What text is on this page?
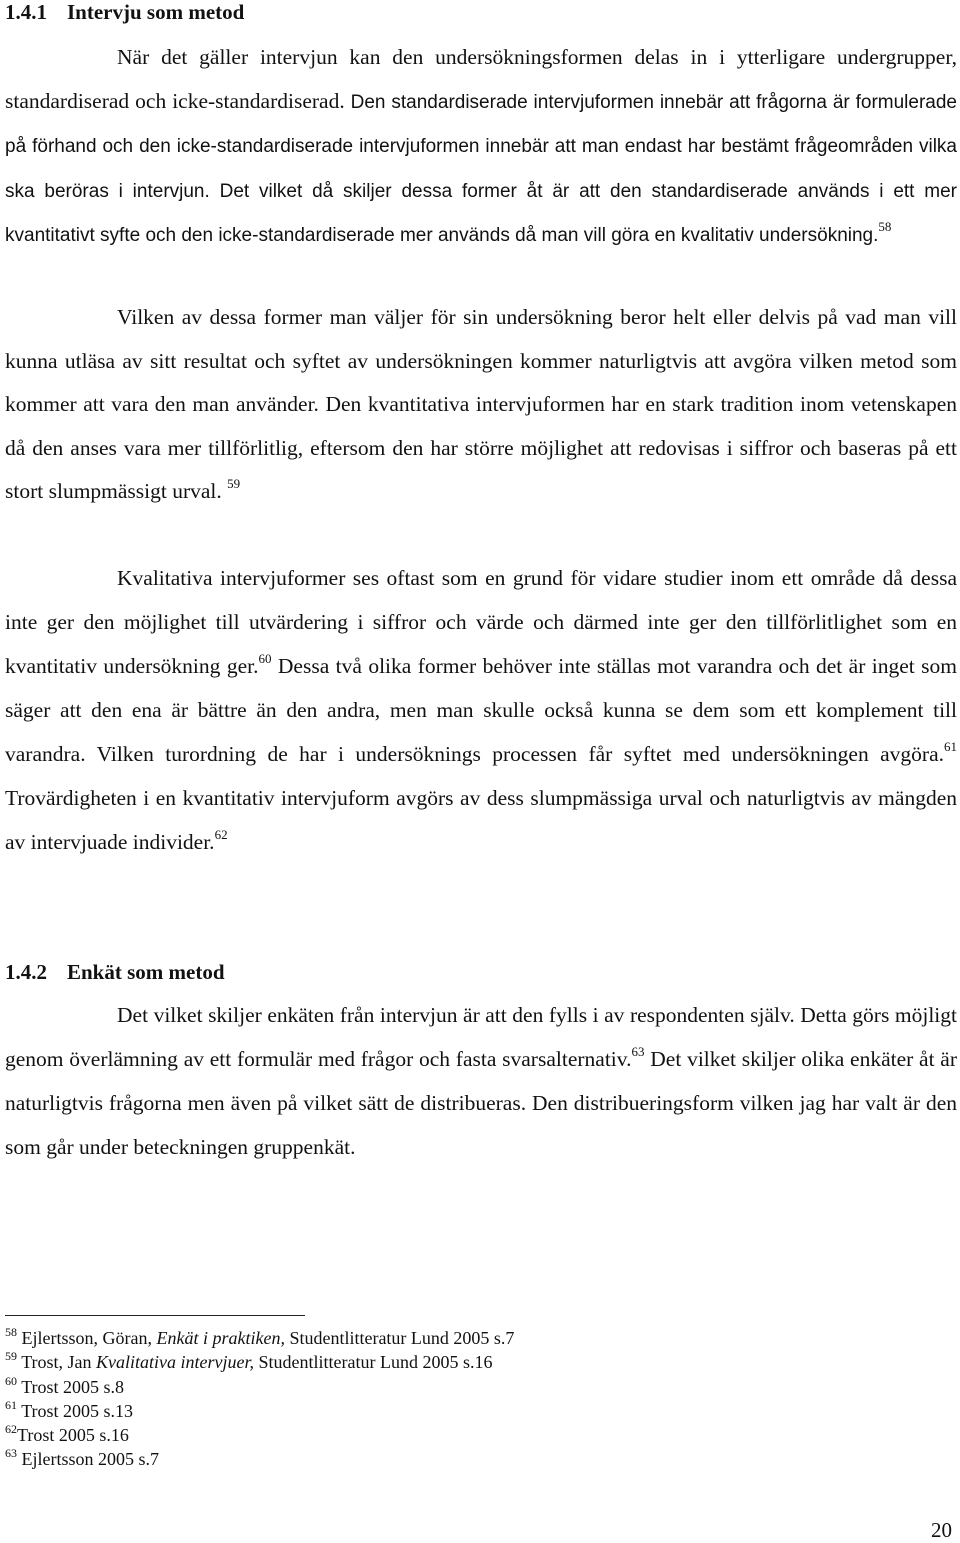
1.4.1 Intervju som metod

När det gäller intervjun kan den undersökningsformen delas in i ytterligare undergrupper, standardiserad och icke-standardiserad. Den standardiserade intervjuformen innebär att frågorna är formulerade på förhand och den icke-standardiserade intervjuformen innebär att man endast har bestämt frågeområden vilka ska beröras i intervjun. Det vilket då skiljer dessa former åt är att den standardiserade används i ett mer kvantitativt syfte och den icke-standardiserade mer används då man vill göra en kvalitativ undersökning.$^{58}$

Vilken av dessa former man väljer för sin undersökning beror helt eller delvis på vad man vill kunna utläsa av sitt resultat och syftet av undersökningen kommer naturligtvis att avgöra vilken metod som kommer att vara den man använder. Den kvantitativa intervjuformen har en stark tradition inom vetenskapen då den anses vara mer tillförlitlig, eftersom den har större möjlighet att redovisas i siffror och baseras på ett stort slumpmässigt urval. $^{59}$

Kvalitativa intervjuformer ses oftast som en grund för vidare studier inom ett område då dessa inte ger den möjlighet till utvärdering i siffror och värde och därmed inte ger den tillförlitlighet som en kvantitativ undersökning ger.$^{60}$ Dessa två olika former behöver inte ställas mot varandra och det är inget som säger att den ena är bättre än den andra, men man skulle också kunna se dem som ett komplement till varandra. Vilken turordning de har i undersöknings processen får syftet med undersökningen avgöra.$^{61}$ Trovärdigheten i en kvantitativ intervjuform avgörs av dess slumpmässiga urval och naturligtvis av mängden av intervjuade individer.$^{62}$

1.4.2 Enkät som metod

Det vilket skiljer enkäten från intervjun är att den fylls i av respondenten själv. Detta görs möjligt genom överlämning av ett formulär med frågor och fasta svarsalternativ.$^{63}$ Det vilket skiljer olika enkäter åt är naturligtvis frågorna men även på vilket sätt de distribueras. Den distribueringsform vilken jag har valt är den som går under beteckningen gruppenkät.

$^{58}$ Ejlertsson, Göran, Enkät i praktiken, Studentlitteratur Lund 2005 s.7
$^{59}$ Trost, Jan Kvalitativa intervjuer, Studentlitteratur Lund 2005 s.16
$^{60}$ Trost 2005 s.8
$^{61}$ Trost 2005 s.13
$^{62}$Trost 2005 s.16
$^{63}$ Ejlertsson 2005 s.7
20
